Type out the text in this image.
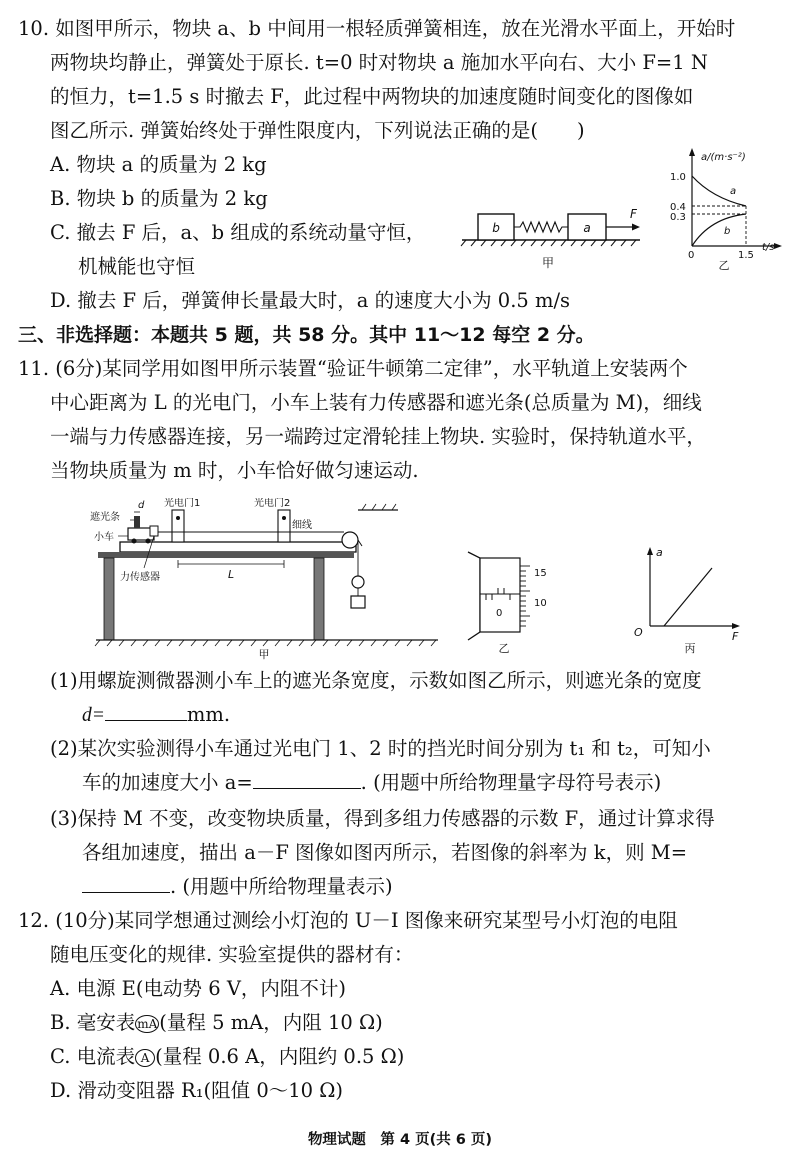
10. 如图甲所示，物块 a、b 中间用一根轻质弹簧相连，放在光滑水平面上，开始时
两物块均静止，弹簧处于原长. t=0 时对物块 a 施加水平向右、大小 F=1 N
的恒力，t=1.5 s 时撤去 F，此过程中两物块的加速度随时间变化的图像如
图乙所示. 弹簧始终处于弹性限度内，下列说法正确的是(　　)
A. 物块 a 的质量为 2 kg
B. 物块 b 的质量为 2 kg
C. 撤去 F 后，a、b 组成的系统动量守恒，
机械能也守恒
D. 撤去 F 后，弹簧伸长量最大时，a 的速度大小为 0.5 m/s
b	a
F
甲
a/(m·s⁻²)
t/s
1.0
0.4
0.3
0	1.5
a
b
乙
三、非选择题：本题共 5 题，共 58 分。其中 11～12 每空 2 分。
11. (6分)某同学用如图甲所示装置“验证牛顿第二定律”，水平轨道上安装两个
中心距离为 L 的光电门，小车上装有力传感器和遮光条(总质量为 M)，细线
一端与力传感器连接，另一端跨过定滑轮挂上物块. 实验时，保持轨道水平，
当物块质量为 m 时，小车恰好做匀速运动.
d
遮光条
小车
光电门1	光电门2
细线
力传感器	L
甲
0
15
10
乙
a
F
O
丙
(1)用螺旋测微器测小车上的遮光条宽度，示数如图乙所示，则遮光条的宽度
d=	mm.
(2)某次实验测得小车通过光电门 1、2 时的挡光时间分别为 t₁ 和 t₂，可知小
车的加速度大小 a=	. (用题中所给物理量字母符号表示)
(3)保持 M 不变，改变物块质量，得到多组力传感器的示数 F，通过计算求得
各组加速度，描出 a－F 图像如图丙所示，若图像的斜率为 k，则 M=
. (用题中所给物理量表示)
12. (10分)某同学想通过测绘小灯泡的 U－I 图像来研究某型号小灯泡的电阻
随电压变化的规律. 实验室提供的器材有：
A. 电源 E(电动势 6 V，内阻不计)
B. 毫安表 mA (量程 5 mA，内阻 10 Ω)
C. 电流表 A (量程 0.6 A，内阻约 0.5 Ω)
D. 滑动变阻器 R₁(阻值 0～10 Ω)
物理试题　第 4 页(共 6 页)
